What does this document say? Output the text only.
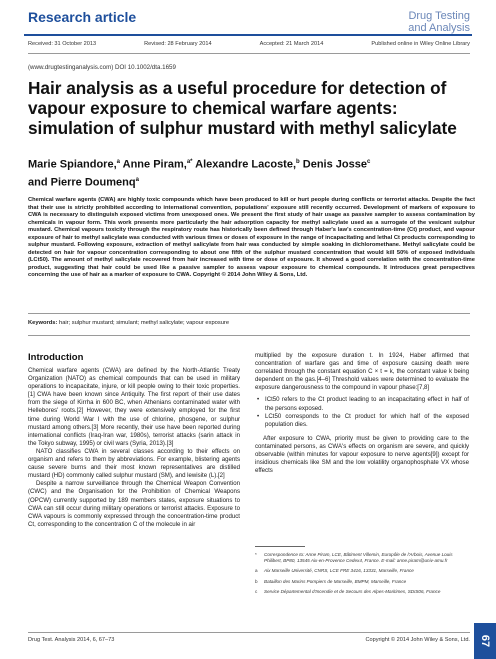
Research article	Drug Testing
and Analysis
Received: 31 October 2013	Revised: 28 February 2014	Accepted: 21 March 2014	Published online in Wiley Online Library
(www.drugtestinganalysis.com) DOI 10.1002/dta.1659
Hair analysis as a useful procedure for detection of vapour exposure to chemical warfare agents: simulation of sulphur mustard with methyl salicylate
Marie Spiandore,$^a$ Anne Piram,$^{a*}$ Alexandre Lacoste,$^b$ Denis Josse$^c$
and Pierre Doumenq$^a$
Chemical warfare agents (CWA) are highly toxic compounds which have been produced to kill or hurt people during conflicts or terrorist attacks. Despite the fact that their use is strictly prohibited according to international convention, populations' exposure still recently occurred. Development of markers of exposure to CWA is necessary to distinguish exposed victims from unexposed ones. We present the first study of hair usage as passive sampler to assess contamination by chemicals in vapour form. This work presents more particularly the hair adsorption capacity for methyl salicylate used as a surrogate of the vesicant sulphur mustard. Chemical vapours toxicity through the respiratory route has historically been defined through Haber's law's concentration-time (Ct) product, and vapour exposure of hair to methyl salicylate was conducted with various times or doses of exposure in the range of incapacitating and lethal Ct products corresponding to sulphur mustard. Following exposure, extraction of methyl salicylate from hair was conducted by simple soaking in dichloromethane. Methyl salicylate could be detected on hair for vapour concentration corresponding to about one fifth of the sulphur mustard concentration that would kill 50% of exposed individuals (LCt50). The amount of methyl salicylate recovered from hair increased with time or dose of exposure. It showed a good correlation with the concentration-time product, suggesting that hair could be used like a passive sampler to assess vapour exposure to chemical compounds. It introduces great perspectives concerning the use of hair as a marker of exposure to CWA. Copyright © 2014 John Wiley & Sons, Ltd.
Keywords: hair; sulphur mustard; simulant; methyl salicylate; vapour exposure
Introduction

Chemical warfare agents (CWA) are defined by the North-Atlantic Treaty Organization (NATO) as chemical compounds that can be used in military operations to incapacitate, injure, or kill people owing to their toxic properties.[1] CWA have been known since Antiquity. The first report of their use dates from the siege of Kirrha in 600 BC, when Athenians contaminated water with Hellebores' roots.[2] However, they were extensively employed for the first time during World War I with the use of chlorine, phosgene, or sulphur mustard among others.[3] More recently, their use have been reported during international conflicts (Iraq-Iran war, 1980s), terrorist attacks (sarin attack in the Tokyo subway, 1995) or civil wars (Syria, 2013).[3]

NATO classifies CWA in several classes according to their effects on organism and refers to them by abbreviations. For example, blistering agents cause severe burns and their most known representatives are distilled mustard (HD) commonly called sulphur mustard (SM), and lewisite (L).[2]

Despite a narrow surveillance through the Chemical Weapon Convention (CWC) and the Organisation for the Prohibition of Chemical Weapons (OPCW) currently supported by 189 members states, exposure situations to CWA can still occur during military operations or terrorist attacks. Exposure to CWA vapours is commonly expressed through the concentration-time product Ct, corresponding to the concentration C of the molecule in air

multiplied by the exposure duration t. In 1924, Haber affirmed that concentration of warfare gas and time of exposure causing death were correlated through the constant equation C × t = k, the constant value k being dependent on the gas.[4–6] Threshold values were determined to evaluate the exposure dangerousness to the compound in vapour phase:[7,8]

• ICt50 refers to the Ct product leading to an incapacitating effect in half of the persons exposed.
• LCt50 corresponds to the Ct product for which half of the exposed population dies.

After exposure to CWA, priority must be given to providing care to the contaminated persons, as CWA's effects on organism are severe, and quickly observable (within minutes for vapour exposure to nerve agents[9]) except for insidious chemicals like SM and the low volatility organophosphate VX whose effects

*	Correspondence to: Anne Piram, LCE, Bâtiment Villemin, Europôle de l'Arbois, Avenue Louis Philibert, BP80, 13545 Aix-en-Provence Cedex4, France. E-mail: anne.piram@univ-amu.fr
a	Aix Marseille Université, CNRS, LCE FRE 3416, 13331, Marseille, France
b	Bataillon des Marins Pompiers de Marseille, BMPM, Marseille, France
c	Service Départemental d'Incendie et de Secours des Alpes-Maritimes, SDIS06, France
Drug Test. Analysis 2014, 6, 67–73	Copyright © 2014 John Wiley & Sons, Ltd. 67
